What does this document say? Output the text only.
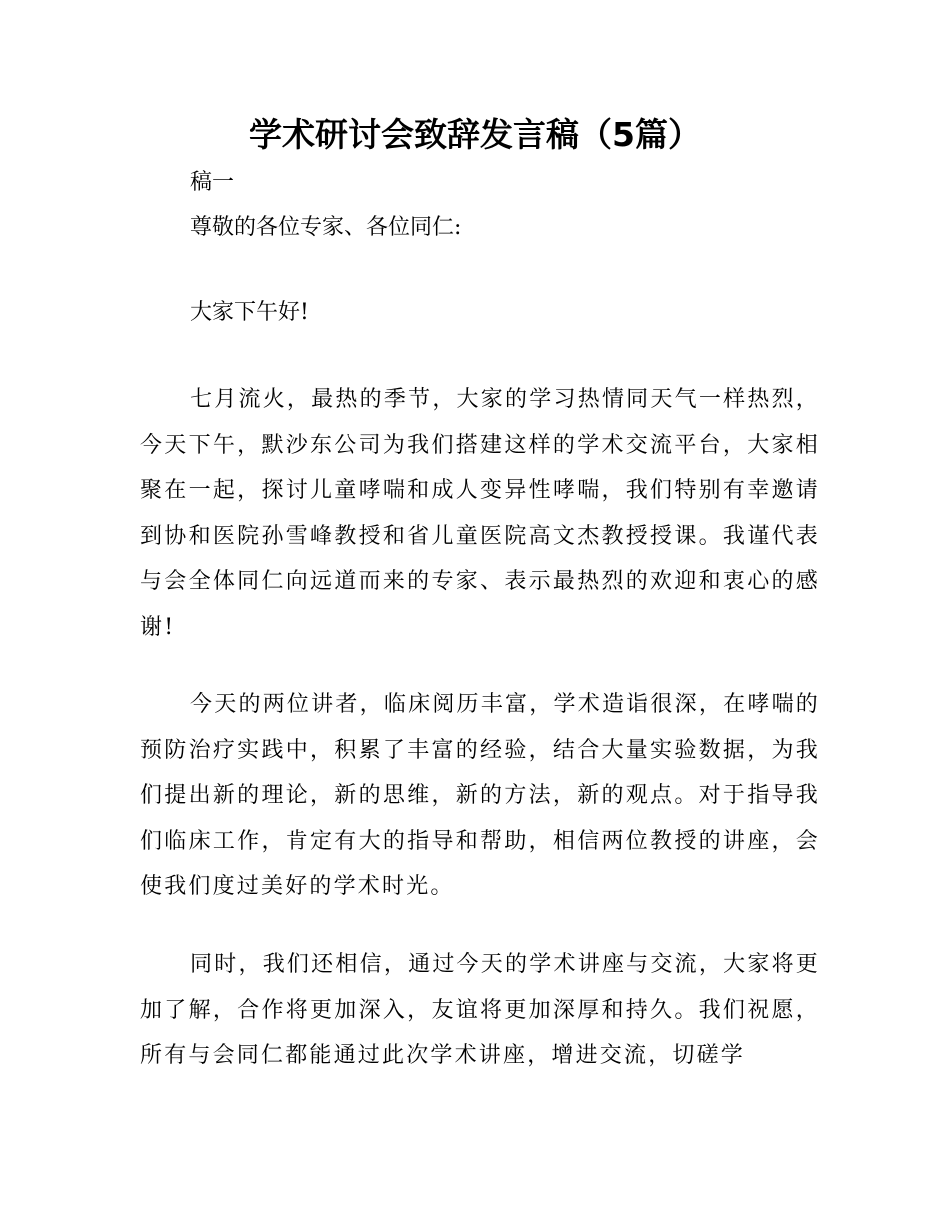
学术研讨会致辞发言稿（5篇）

稿一

尊敬的各位专家、各位同仁:

大家下午好!

七月流火，最热的季节，大家的学习热情同天气一样热烈，今天下午，默沙东公司为我们搭建这样的学术交流平台，大家相聚在一起，探讨儿童哮喘和成人变异性哮喘，我们特别有幸邀请到协和医院孙雪峰教授和省儿童医院高文杰教授授课。我谨代表与会全体同仁向远道而来的专家、表示最热烈的欢迎和衷心的感谢!

今天的两位讲者，临床阅历丰富，学术造诣很深，在哮喘的预防治疗实践中，积累了丰富的经验，结合大量实验数据，为我们提出新的理论，新的思维，新的方法，新的观点。对于指导我们临床工作，肯定有大的指导和帮助，相信两位教授的讲座，会使我们度过美好的学术时光。

同时，我们还相信，通过今天的学术讲座与交流，大家将更加了解，合作将更加深入，友谊将更加深厚和持久。我们祝愿，所有与会同仁都能通过此次学术讲座，增进交流，切磋学
